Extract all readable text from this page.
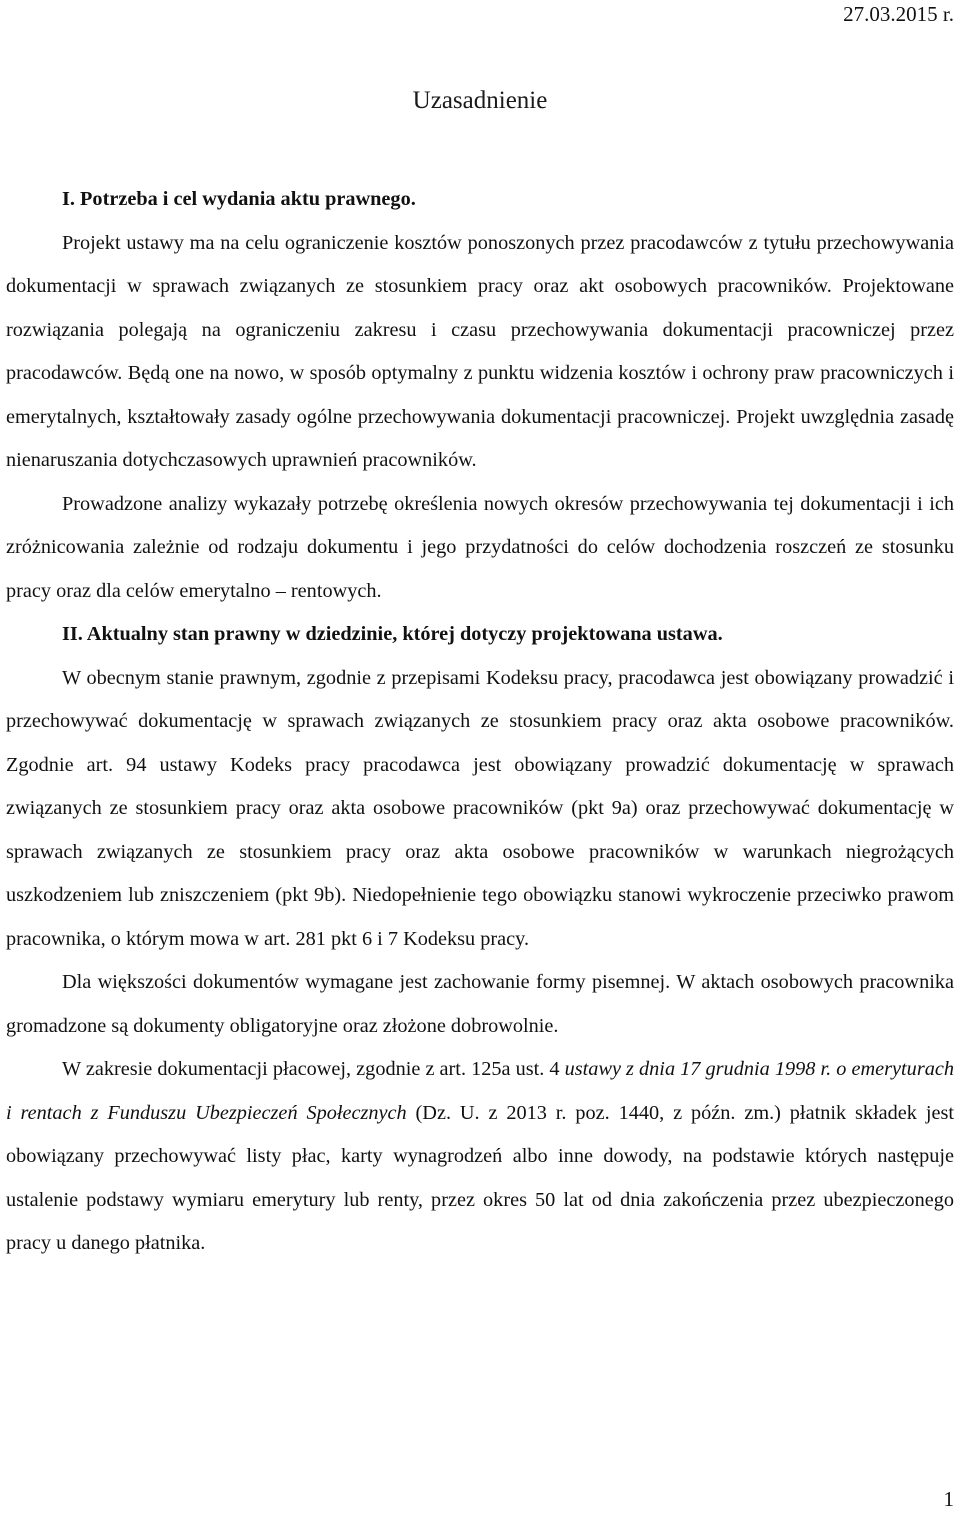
27.03.2015 r.
Uzasadnienie

I. Potrzeba i cel wydania aktu prawnego.

Projekt ustawy ma na celu ograniczenie kosztów ponoszonych przez pracodawców z tytułu przechowywania dokumentacji w sprawach związanych ze stosunkiem pracy oraz akt osobowych pracowników. Projektowane rozwiązania polegają na ograniczeniu zakresu i czasu przechowywania dokumentacji pracowniczej przez pracodawców. Będą one na nowo, w sposób optymalny z punktu widzenia kosztów i ochrony praw pracowniczych i emerytalnych, kształtowały zasady ogólne przechowywania dokumentacji pracowniczej. Projekt uwzględnia zasadę nienaruszania dotychczasowych uprawnień pracowników.

Prowadzone analizy wykazały potrzebę określenia nowych okresów przechowywania tej dokumentacji i ich zróżnicowania zależnie od rodzaju dokumentu i jego przydatności do celów dochodzenia roszczeń ze stosunku pracy oraz dla celów emerytalno – rentowych.

II. Aktualny stan prawny w dziedzinie, której dotyczy projektowana ustawa.

W obecnym stanie prawnym, zgodnie z przepisami Kodeksu pracy, pracodawca jest obowiązany prowadzić i przechowywać dokumentację w sprawach związanych ze stosunkiem pracy oraz akta osobowe pracowników. Zgodnie art. 94 ustawy Kodeks pracy pracodawca jest obowiązany prowadzić dokumentację w sprawach związanych ze stosunkiem pracy oraz akta osobowe pracowników (pkt 9a) oraz przechowywać dokumentację w sprawach związanych ze stosunkiem pracy oraz akta osobowe pracowników w warunkach niegrożących uszkodzeniem lub zniszczeniem (pkt 9b). Niedopełnienie tego obowiązku stanowi wykroczenie przeciwko prawom pracownika, o którym mowa w art. 281 pkt 6 i 7 Kodeksu pracy.

Dla większości dokumentów wymagane jest zachowanie formy pisemnej. W aktach osobowych pracownika gromadzone są dokumenty obligatoryjne oraz złożone dobrowolnie.

W zakresie dokumentacji płacowej, zgodnie z art. 125a ust. 4 ustawy z dnia 17 grudnia 1998 r. o emeryturach i rentach z Funduszu Ubezpieczeń Społecznych (Dz. U. z 2013 r. poz. 1440, z późn. zm.) płatnik składek jest obowiązany przechowywać listy płac, karty wynagrodzeń albo inne dowody, na podstawie których następuje ustalenie podstawy wymiaru emerytury lub renty, przez okres 50 lat od dnia zakończenia przez ubezpieczonego pracy u danego płatnika.

1
